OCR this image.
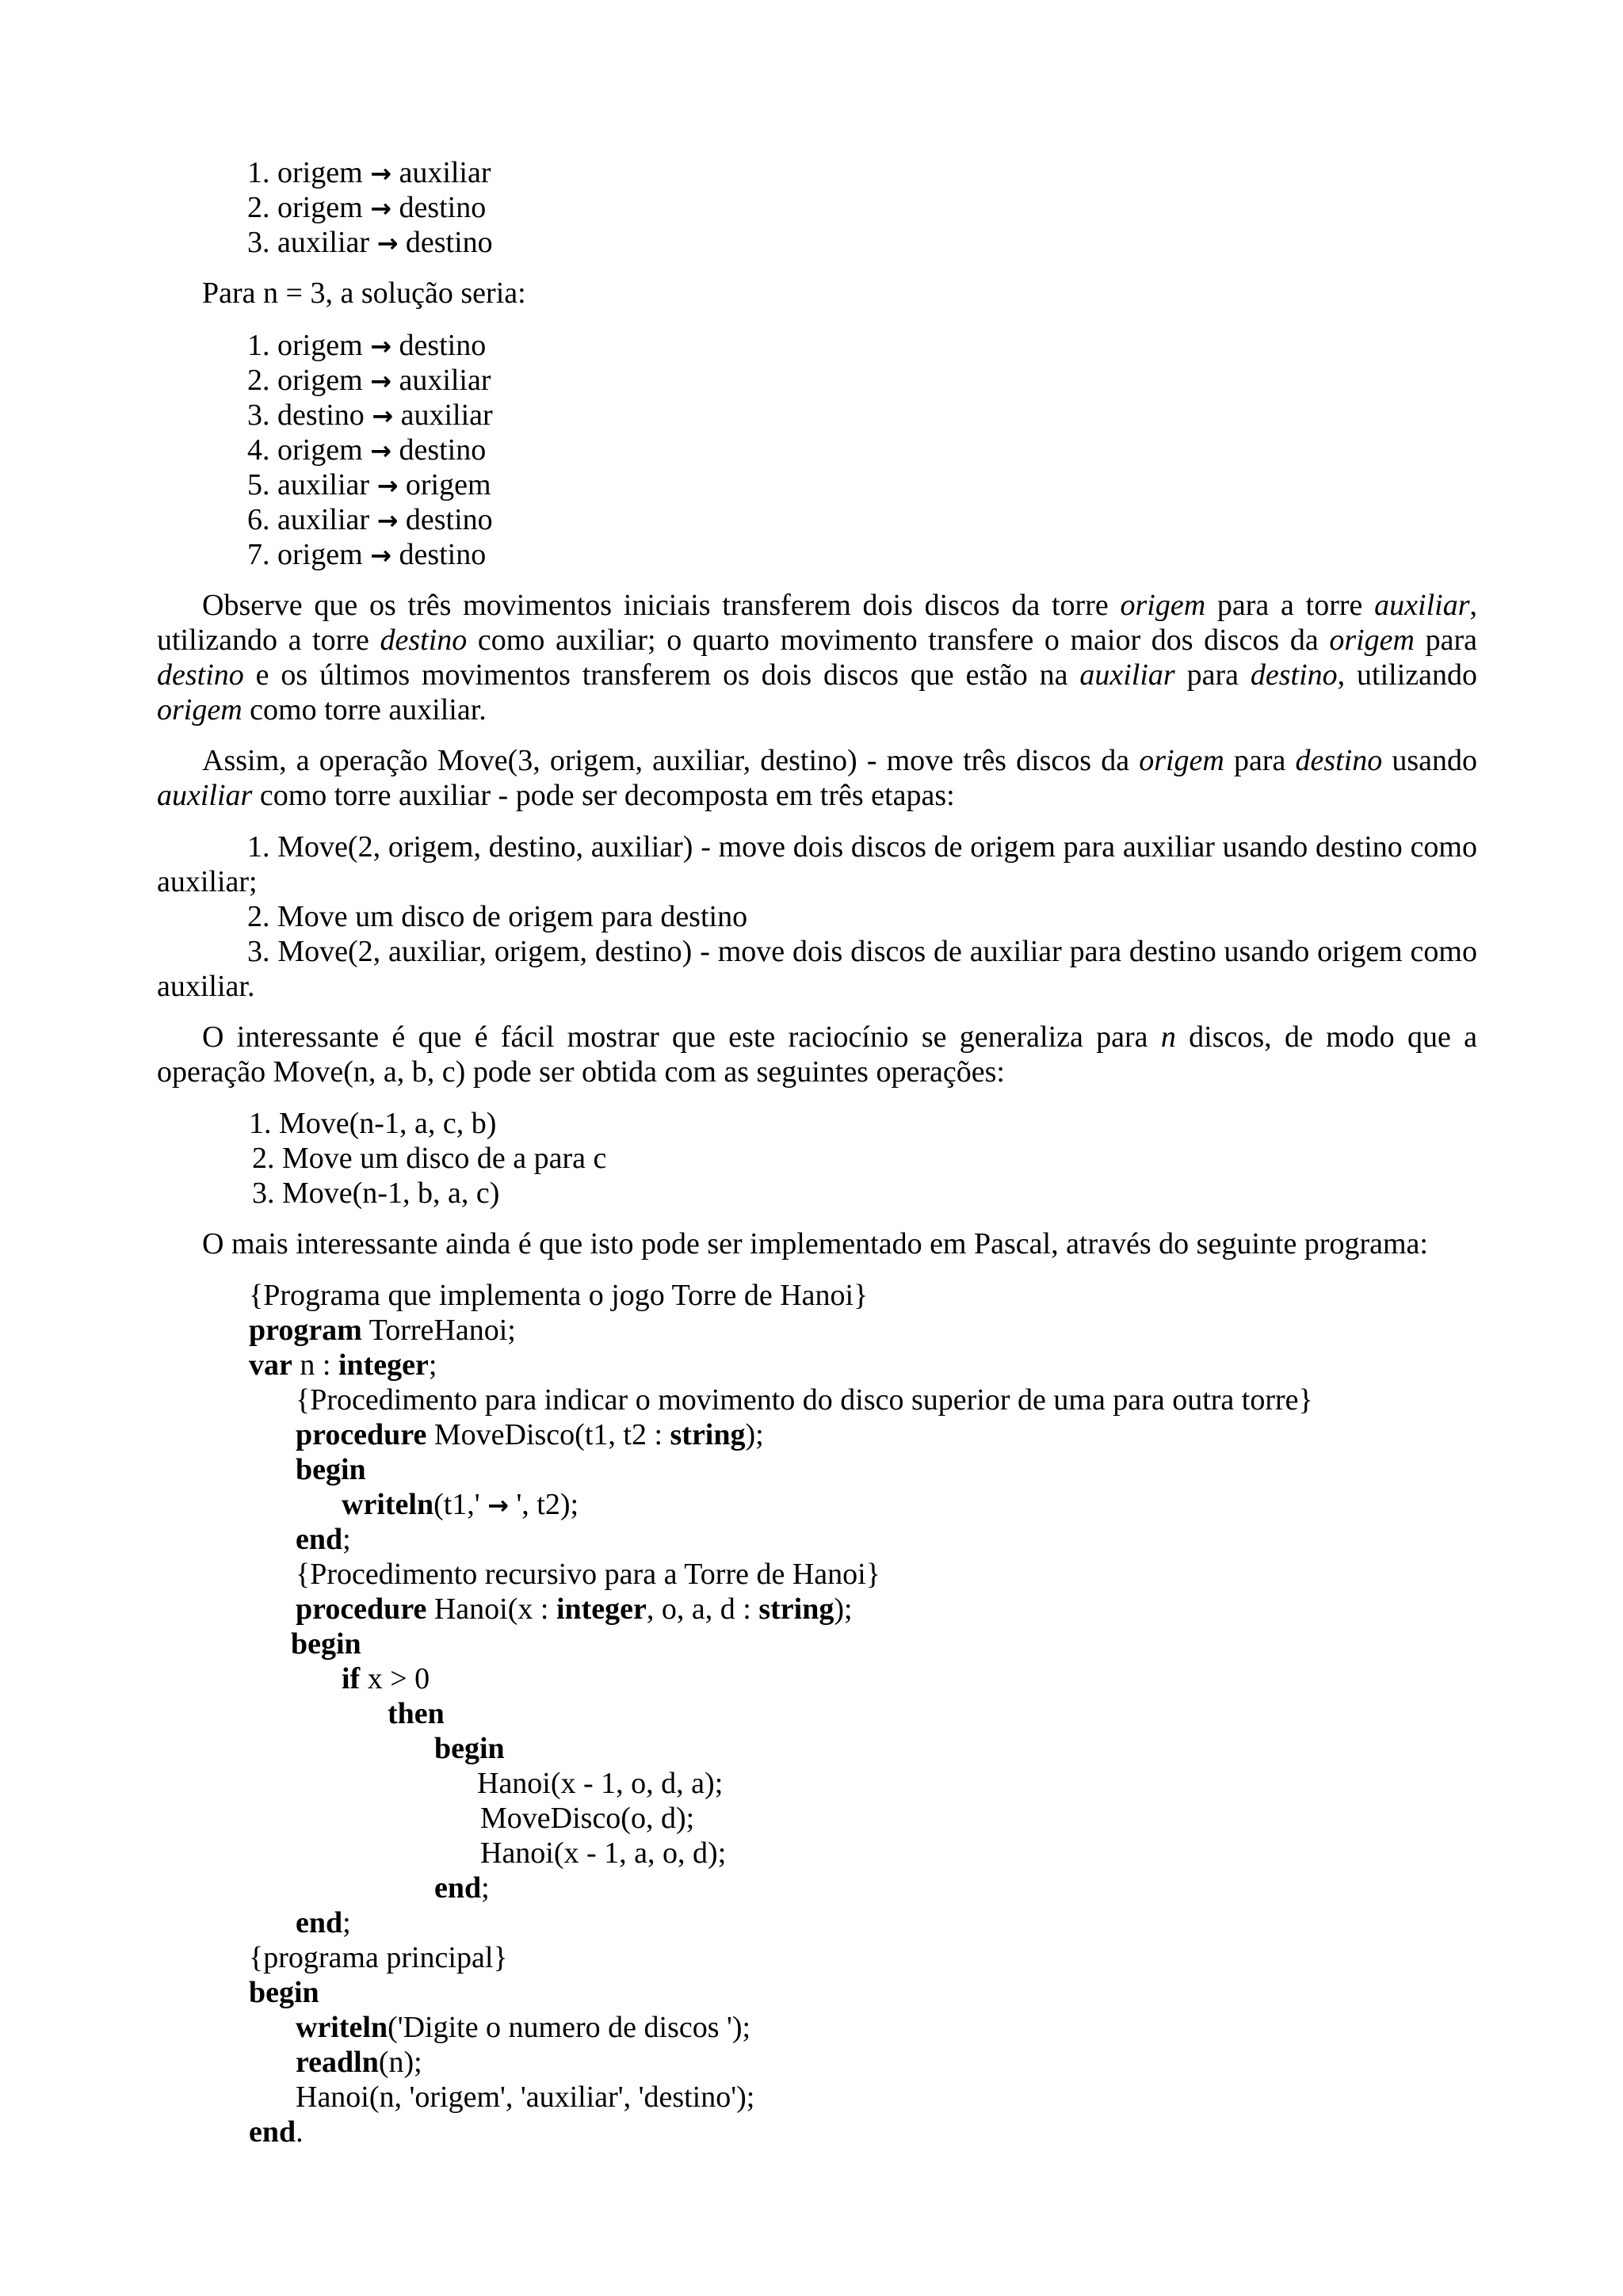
1. origem → auxiliar
2. origem → destino
3. auxiliar → destino
Para n = 3, a solução seria:
1. origem → destino
2. origem → auxiliar
3. destino → auxiliar
4. origem → destino
5. auxiliar → origem
6. auxiliar → destino
7. origem → destino
Observe que os três movimentos iniciais transferem dois discos da torre origem para a torre auxiliar, utilizando a torre destino como auxiliar; o quarto movimento transfere o maior dos discos da origem para destino e os últimos movimentos transferem os dois discos que estão na auxiliar para destino, utilizando origem como torre auxiliar.
Assim, a operação Move(3, origem, auxiliar, destino) - move três discos da origem para destino usando auxiliar como torre auxiliar - pode ser decomposta em três etapas:
1. Move(2, origem, destino, auxiliar) - move dois discos de origem para auxiliar usando destino como auxiliar;
2. Move um disco de origem para destino
3. Move(2, auxiliar, origem, destino) - move dois discos de auxiliar para destino usando origem como auxiliar.
O interessante é que é fácil mostrar que este raciocínio se generaliza para n discos, de modo que a operação Move(n, a, b, c) pode ser obtida com as seguintes operações:
1. Move(n-1, a, c, b)
2. Move um disco de a para c
3. Move(n-1, b, a, c)
O mais interessante ainda é que isto pode ser implementado em Pascal, através do seguinte programa:
{Programa que implementa o jogo Torre de Hanoi}
program TorreHanoi;
var n : integer;
{Procedimento para indicar o movimento do disco superior de uma para outra torre}
procedure MoveDisco(t1, t2 : string);
begin
writeln(t1,' → ', t2);
end;
{Procedimento recursivo para a Torre de Hanoi}
procedure Hanoi(x : integer, o, a, d : string);
begin
if x > 0
then
begin
Hanoi(x - 1, o, d, a);
MoveDisco(o, d);
Hanoi(x - 1, a, o, d);
end;
end;
{programa principal}
begin
writeln('Digite o numero de discos ');
readln(n);
Hanoi(n, 'origem', 'auxiliar', 'destino');
end.
